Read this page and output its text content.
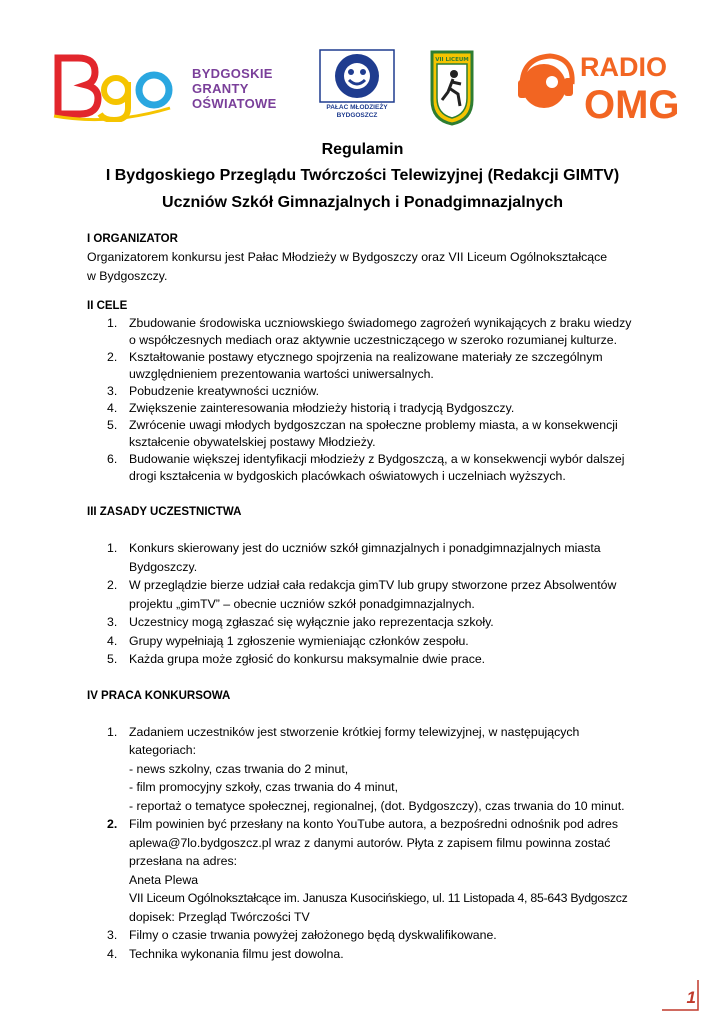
BYDGOSKIE
GRANTY
OŚWIATOWE	PAŁAC MŁODZIEŻY
BYDGOSZCZ
VII LICEUM	RADIO
OMG
Regulamin
I Bydgoskiego Przeglądu Twórczości Telewizyjnej (Redakcji GIMTV)
Uczniów Szkół Gimnazjalnych i Ponadgimnazjalnych
I ORGANIZATOR

Organizatorem konkursu jest Pałac Młodzieży w Bydgoszczy oraz VII Liceum Ogólnokształcące

w Bydgoszczy.

II CELE
1. Zbudowanie środowiska uczniowskiego świadomego zagrożeń wynikających z braku wiedzy
o współczesnych mediach oraz aktywnie uczestniczącego w szeroko rozumianej kulturze.
2. Kształtowanie postawy etycznego spojrzenia na realizowane materiały ze szczególnym
uwzględnieniem prezentowania wartości uniwersalnych.
3. Pobudzenie kreatywności uczniów.
4. Zwiększenie zainteresowania młodzieży historią i tradycją Bydgoszczy.
5. Zwrócenie uwagi młodych bydgoszczan na społeczne problemy miasta, a w konsekwencji
kształcenie obywatelskiej postawy Młodzieży.
6. Budowanie większej identyfikacji młodzieży z Bydgoszczą, a w konsekwencji wybór dalszej
drogi kształcenia w bydgoskich placówkach oświatowych i uczelniach wyższych.
III ZASADY UCZESTNICTWA
1. Konkurs skierowany jest do uczniów szkół gimnazjalnych i ponadgimnazjalnych miasta
Bydgoszczy.
2. W przeglądzie bierze udział cała redakcja gimTV lub grupy stworzone przez Absolwentów
projektu „gimTV” – obecnie uczniów szkół ponadgimnazjalnych.
3. Uczestnicy mogą zgłaszać się wyłącznie jako reprezentacja szkoły.
4. Grupy wypełniają 1 zgłoszenie wymieniając członków zespołu.
5. Każda grupa może zgłosić do konkursu maksymalnie dwie prace.
IV PRACA KONKURSOWA
1. Zadaniem uczestników jest stworzenie krótkiej formy telewizyjnej, w następujących
kategoriach:
- news szkolny, czas trwania do 2 minut,
- film promocyjny szkoły, czas trwania do 4 minut,
- reportaż o tematyce społecznej, regionalnej, (dot. Bydgoszczy), czas trwania do 10 minut.
2. Film powinien być przesłany na konto YouTube autora, a bezpośredni odnośnik pod adres
aplewa@7lo.bydgoszcz.pl wraz z danymi autorów. Płyta z zapisem filmu powinna zostać
przesłana na adres:
Aneta Plewa
VII Liceum Ogólnokształcące im. Janusza Kusocińskiego, ul. 11 Listopada 4, 85-643 Bydgoszcz
dopisek: Przegląd Twórczości TV
3. Filmy o czasie trwania powyżej założonego będą dyskwalifikowane.
4. Technika wykonania filmu jest dowolna.
1
